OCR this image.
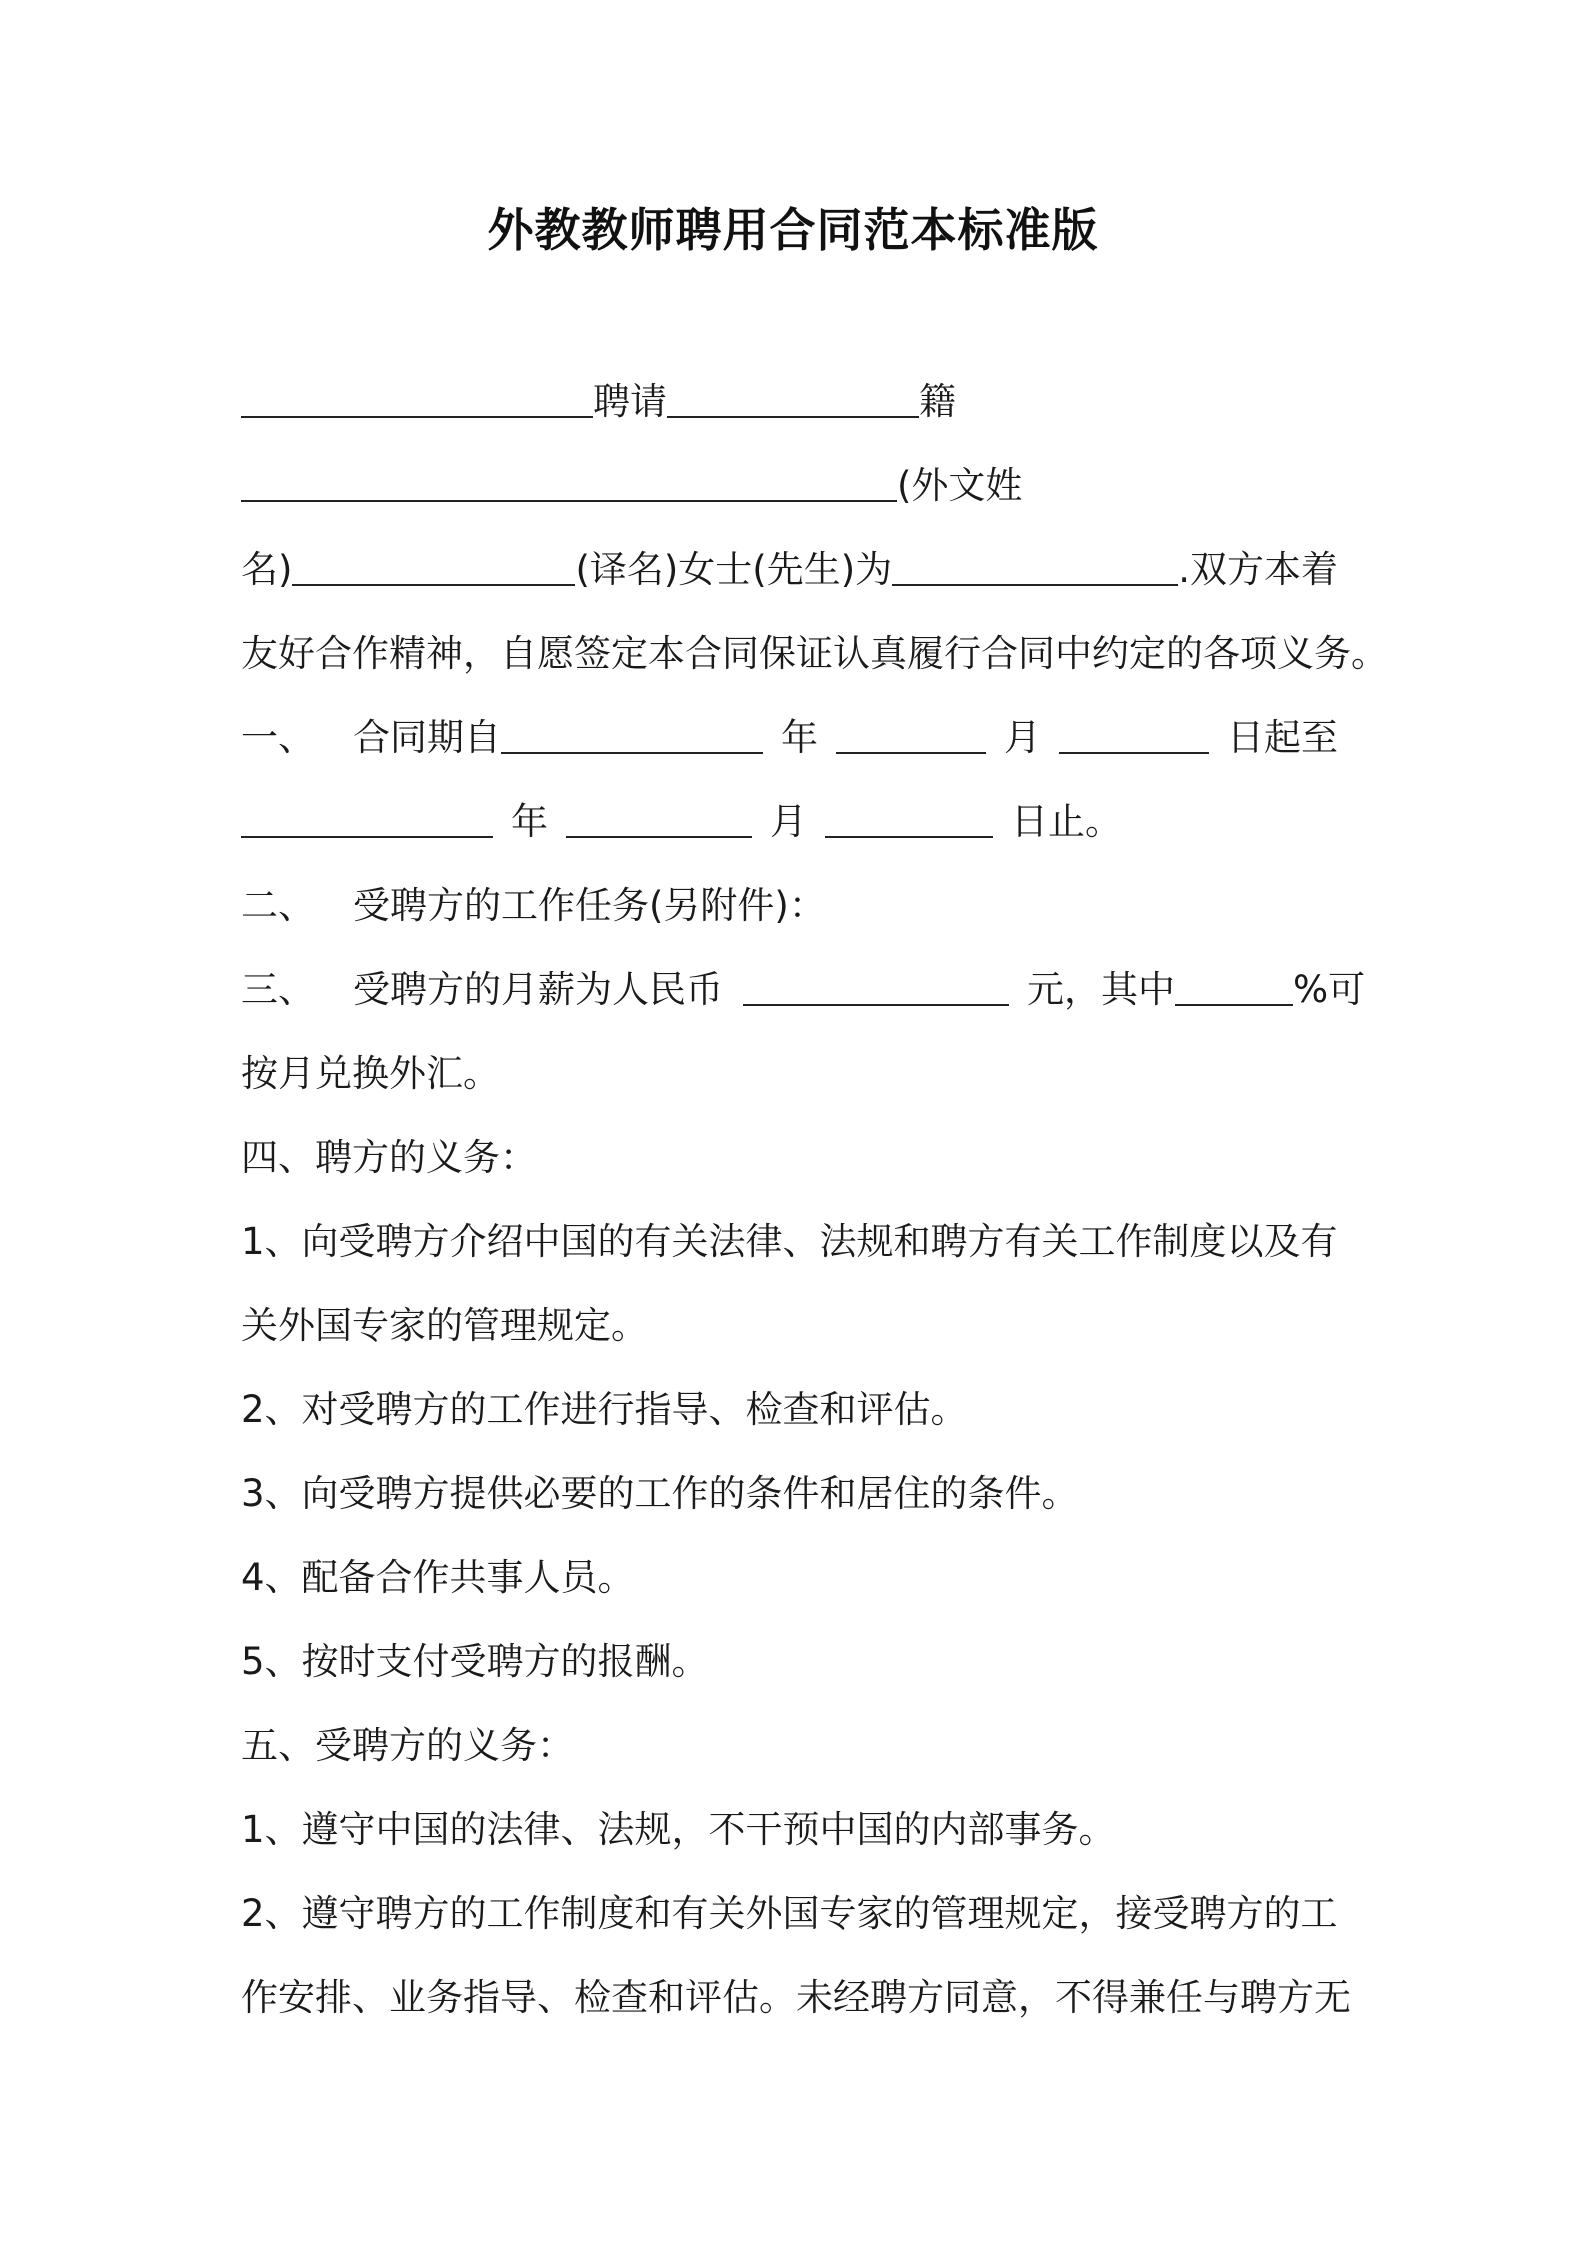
外教教师聘用合同范本标准版
聘请	籍
(外文姓
名)	(译名)女士(先生)为	.双方本着
友好合作精神，自愿签定本合同保证认真履行合同中约定的各项义务。
一、 合同期自	年	月	日起至
年	月	日止。
二、 受聘方的工作任务(另附件)：
三、 受聘方的月薪为人民币	元，其中	%可
按月兑换外汇。
四、聘方的义务：
1、向受聘方介绍中国的有关法律、法规和聘方有关工作制度以及有
关外国专家的管理规定。
2、对受聘方的工作进行指导、检查和评估。
3、向受聘方提供必要的工作的条件和居住的条件。
4、配备合作共事人员。
5、按时支付受聘方的报酬。
五、受聘方的义务：
1、遵守中国的法律、法规，不干预中国的内部事务。
2、遵守聘方的工作制度和有关外国专家的管理规定，接受聘方的工
作安排、业务指导、检查和评估。未经聘方同意，不得兼任与聘方无
